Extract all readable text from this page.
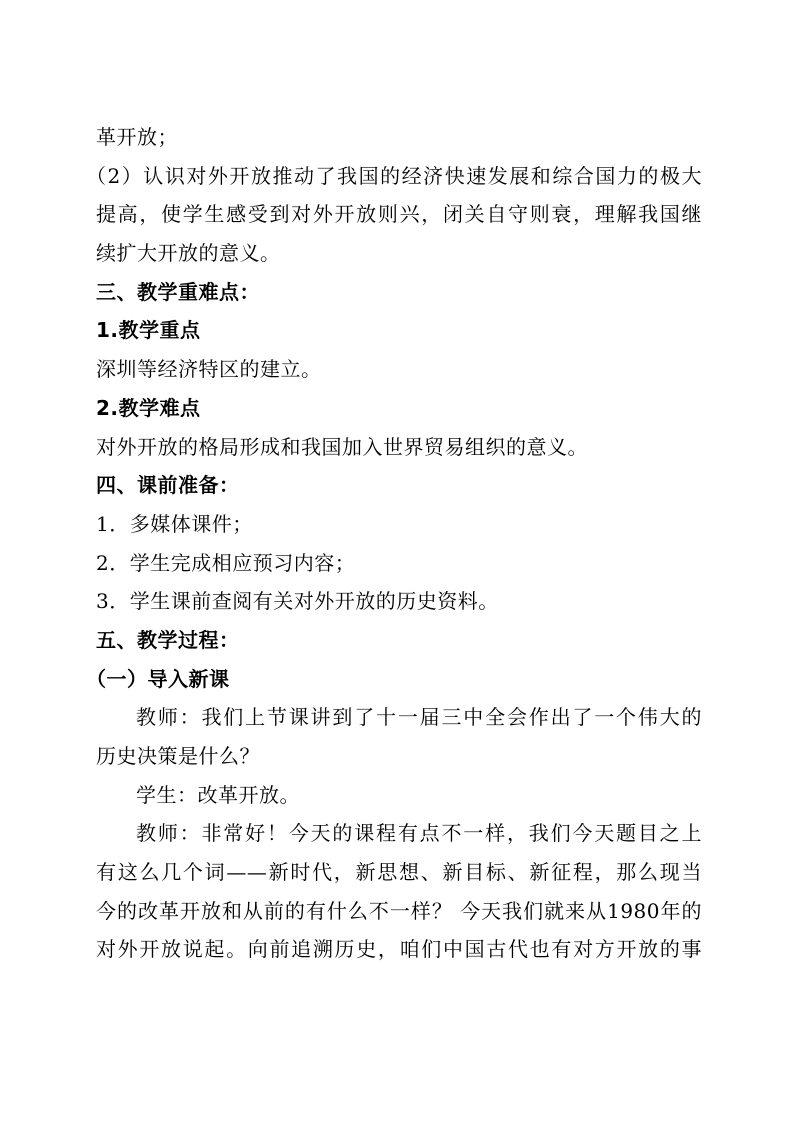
革开放；
（2）认识对外开放推动了我国的经济快速发展和综合国力的极大
提高，使学生感受到对外开放则兴，闭关自守则衰，理解我国继
续扩大开放的意义。
三、教学重难点：
1.教学重点
深圳等经济特区的建立。
2.教学难点
对外开放的格局形成和我国加入世界贸易组织的意义。
四、课前准备：
1．多媒体课件；
2．学生完成相应预习内容；
3．学生课前查阅有关对外开放的历史资料。
五、教学过程：
（一）导入新课
教师：我们上节课讲到了十一届三中全会作出了一个伟大的
历史决策是什么？
学生：改革开放。
教师：非常好！今天的课程有点不一样，我们今天题目之上
有这么几个词——新时代，新思想、新目标、新征程，那么现当
今的改革开放和从前的有什么不一样？ 今天我们就来从1980年的
对外开放说起。向前追溯历史，咱们中国古代也有对方开放的事
